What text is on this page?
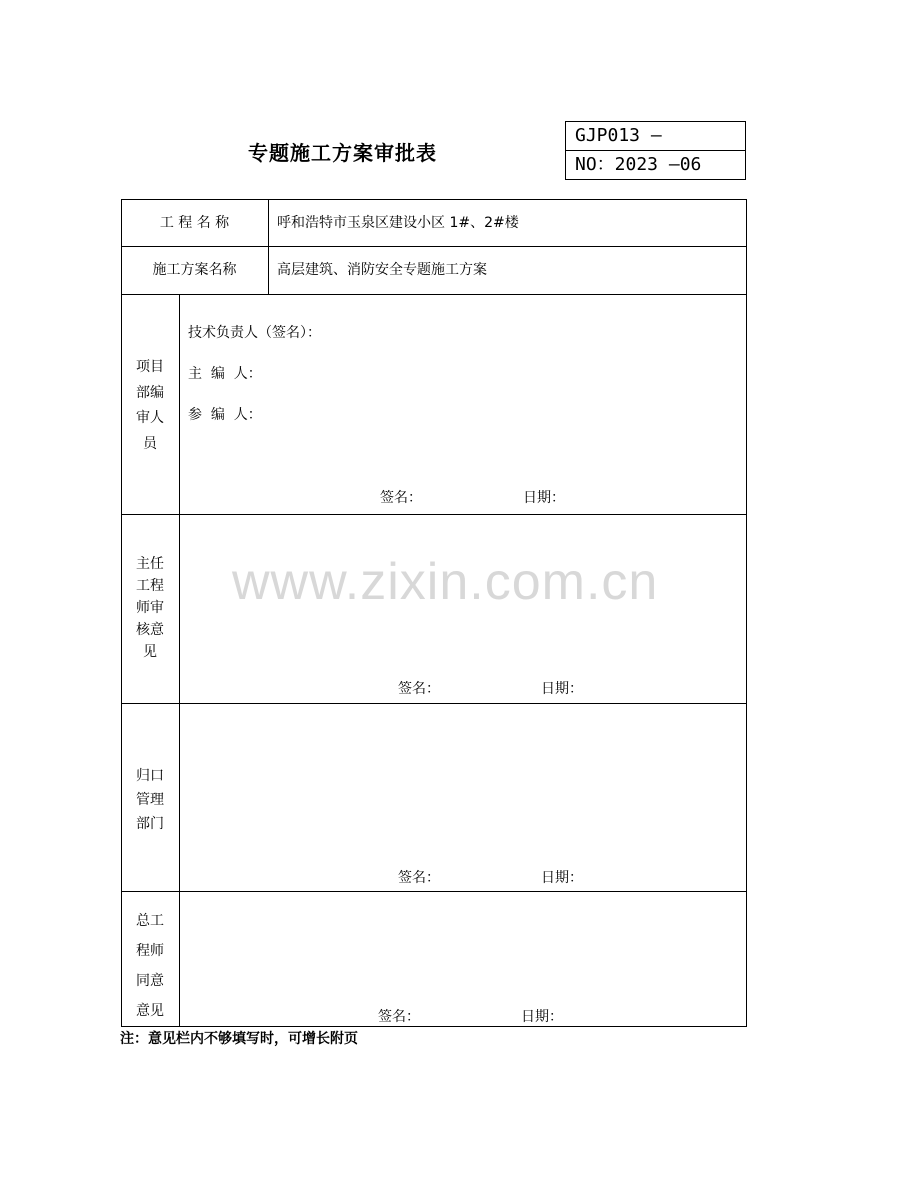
专题施工方案审批表
GJP013 —
NO：2023 —06
工 程 名 称	呼和浩特市玉泉区建设小区 1#、2#楼
施工方案名称	高层建筑、消防安全专题施工方案
项目
部编
审人
员
技术负责人（签名）：
主  编  人：
参  编  人：
签名：	日期：
主任
工程
师审
核意
见
签名：	日期：
www.zixin.com.cn
归口
管理
部门
签名：	日期：
总工
程师
同意
意见	签名：	日期：
注：意见栏内不够填写时，可增长附页
